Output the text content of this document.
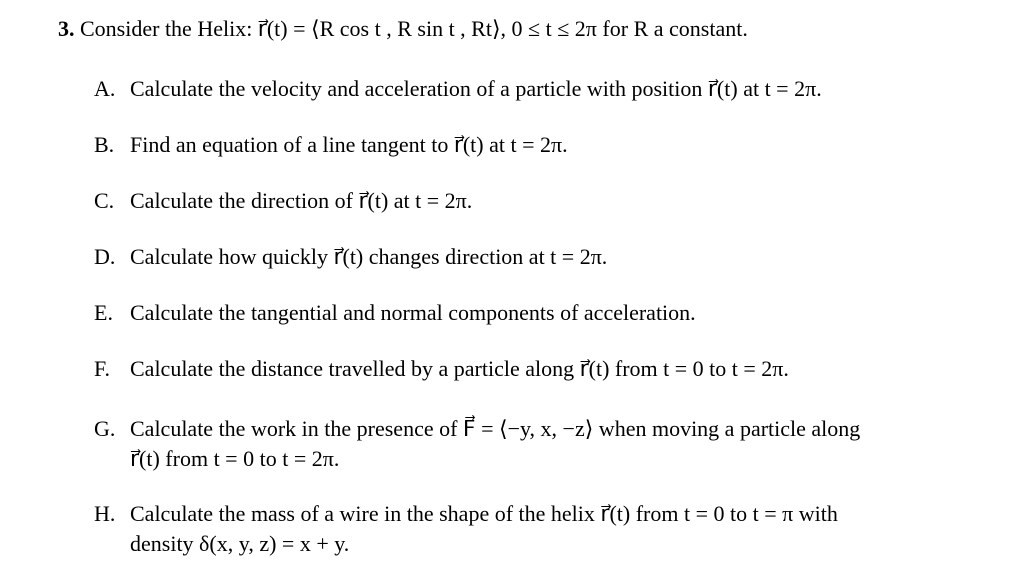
3. Consider the Helix: r⃗(t) = ⟨R cos t , R sin t , Rt⟩, 0 ≤ t ≤ 2π for R a constant.
A. Calculate the velocity and acceleration of a particle with position r⃗(t) at t = 2π.
B. Find an equation of a line tangent to r⃗(t) at t = 2π.
C. Calculate the direction of r⃗(t) at t = 2π.
D. Calculate how quickly r⃗(t) changes direction at t = 2π.
E. Calculate the tangential and normal components of acceleration.
F. Calculate the distance travelled by a particle along r⃗(t) from t = 0 to t = 2π.
G. Calculate the work in the presence of F⃗ = ⟨−y, x, −z⟩ when moving a particle along
r⃗(t) from t = 0 to t = 2π.
H. Calculate the mass of a wire in the shape of the helix r⃗(t) from t = 0 to t = π with
density δ(x, y, z) = x + y.
